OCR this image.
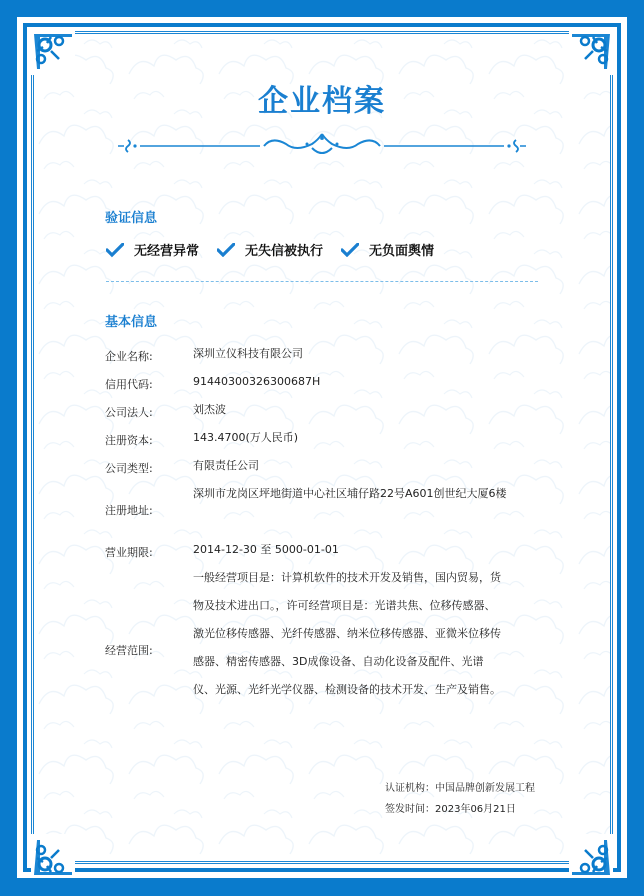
企业档案
验证信息
无经营异常	无失信被执行	无负面舆情
基本信息
企业名称:	深圳立仪科技有限公司
信用代码:	91440300326300687H
公司法人:	刘杰波
注册资本:	143.4700(万人民币)
公司类型:	有限责任公司
注册地址:
深圳市龙岗区坪地街道中心社区埔仔路22号A601创世纪大厦6楼
营业期限:	2014-12-30 至 5000-01-01
经营范围:
一般经营项目是：计算机软件的技术开发及销售，国内贸易，货物及技术进出口。，许可经营项目是：光谱共焦、位移传感器、激光位移传感器、光纤传感器、纳米位移传感器、亚微米位移传感器、精密传感器、3D成像设备、自动化设备及配件、光谱仪、光源、光纤光学仪器、检测设备的技术开发、生产及销售。
认证机构：中国品牌创新发展工程
签发时间：2023年06月21日
